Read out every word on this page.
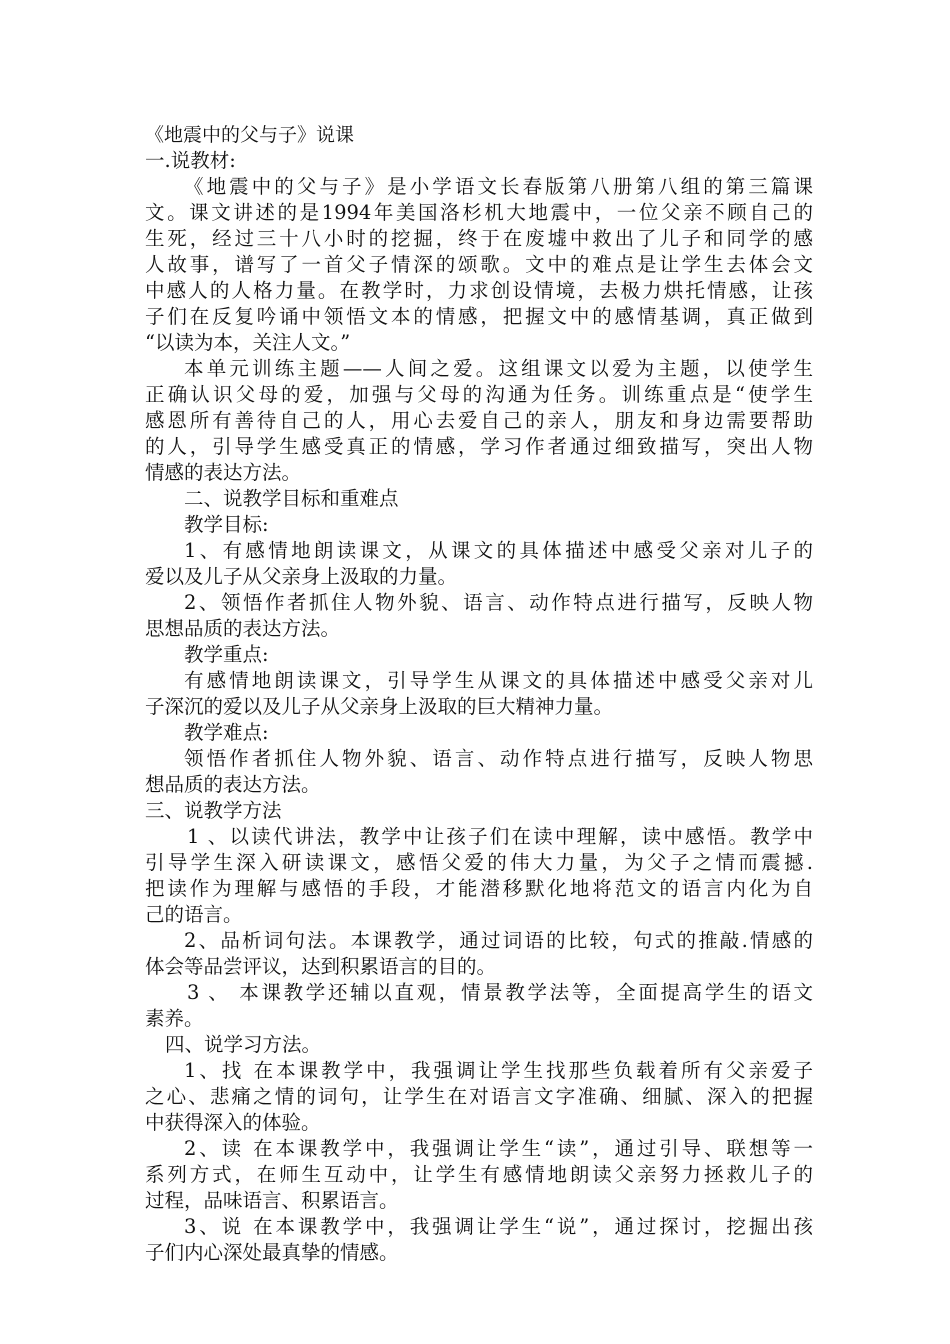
《地震中的父与子》说课
一.说教材:
《地震中的父与子》是小学语文长春版第八册第八组的第三篇课
文。课文讲述的是1994年美国洛杉机大地震中，一位父亲不顾自己的
生死，经过三十八小时的挖掘，终于在废墟中救出了儿子和同学的感
人故事，谱写了一首父子情深的颂歌。文中的难点是让学生去体会文
中感人的人格力量。在教学时，力求创设情境，去极力烘托情感，让孩
子们在反复吟诵中领悟文本的情感，把握文中的感情基调，真正做到
“以读为本，关注人文。”
本单元训练主题——人间之爱。这组课文以爱为主题，以使学生
正确认识父母的爱，加强与父母的沟通为任务。训练重点是“使学生
感恩所有善待自己的人，用心去爱自己的亲人，朋友和身边需要帮助
的人，引导学生感受真正的情感，学习作者通过细致描写，突出人物
情感的表达方法。
二、说教学目标和重难点
教学目标:
1、有感情地朗读课文，从课文的具体描述中感受父亲对儿子的
爱以及儿子从父亲身上汲取的力量。
2、领悟作者抓住人物外貌、语言、动作特点进行描写，反映人物
思想品质的表达方法。
教学重点:
有感情地朗读课文，引导学生从课文的具体描述中感受父亲对儿
子深沉的爱以及儿子从父亲身上汲取的巨大精神力量。
教学难点:
领悟作者抓住人物外貌、语言、动作特点进行描写，反映人物思
想品质的表达方法。
三、说教学方法
1 、以读代讲法，教学中让孩子们在读中理解，读中感悟。教学中
引导学生深入研读课文，感悟父爱的伟大力量，为父子之情而震撼.
把读作为理解与感悟的手段，才能潜移默化地将范文的语言内化为自
己的语言。
2、品析词句法。本课教学，通过词语的比较，句式的推敲.情感的
体会等品尝评议，达到积累语言的目的。
3 、 本课教学还辅以直观，情景教学法等，全面提高学生的语文
素养。
四、说学习方法。
1、找 在本课教学中，我强调让学生找那些负载着所有父亲爱子
之心、悲痛之情的词句，让学生在对语言文字准确、细腻、深入的把握
中获得深入的体验。
2、读 在本课教学中，我强调让学生“读”，通过引导、联想等一
系列方式，在师生互动中，让学生有感情地朗读父亲努力拯救儿子的
过程，品味语言、积累语言。
3、说 在本课教学中，我强调让学生“说”，通过探讨，挖掘出孩
子们内心深处最真挚的情感。
